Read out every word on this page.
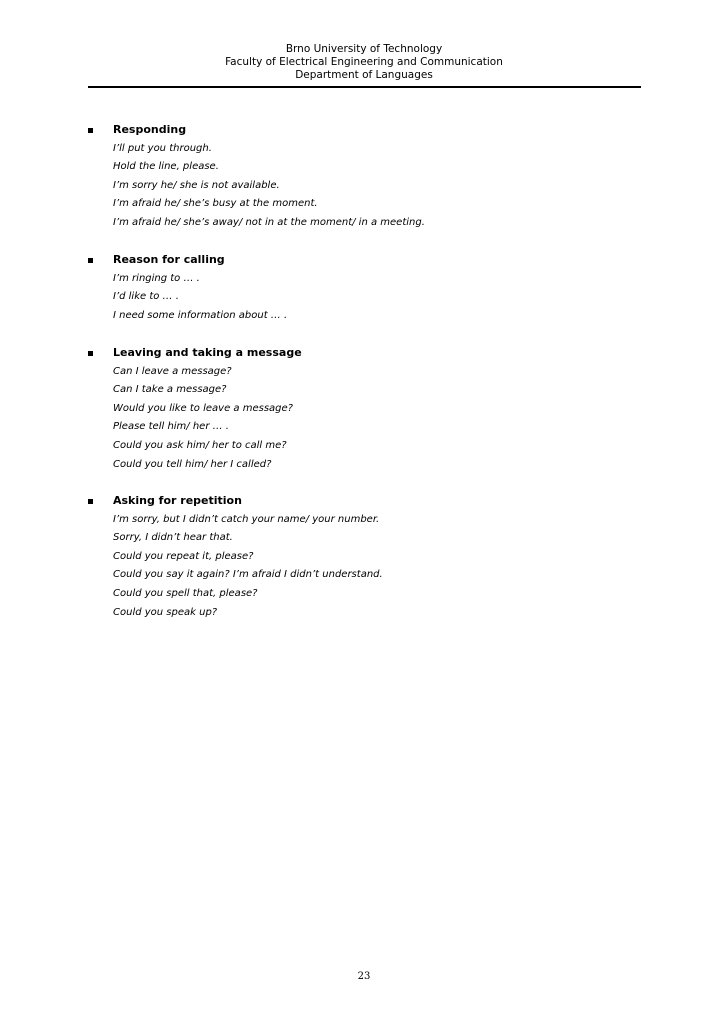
Brno University of Technology
Faculty of Electrical Engineering and Communication
Department of Languages
Responding
I’ll put you through.
Hold the line, please.
I’m sorry he/ she is not available.
I’m afraid he/ she’s busy at the moment.
I’m afraid he/ she’s away/ not in at the moment/ in a meeting.
Reason for calling
I’m ringing to … .
I’d like to … .
I need some information about … .
Leaving and taking a message
Can I leave a message?
Can I take a message?
Would you like to leave a message?
Please tell him/ her … .
Could you ask him/ her to call me?
Could you tell him/ her I called?
Asking for repetition
I’m sorry, but I didn’t catch your name/ your number.
Sorry, I didn’t hear that.
Could you repeat it, please?
Could you say it again? I’m afraid I didn’t understand.
Could you spell that, please?
Could you speak up?
23
